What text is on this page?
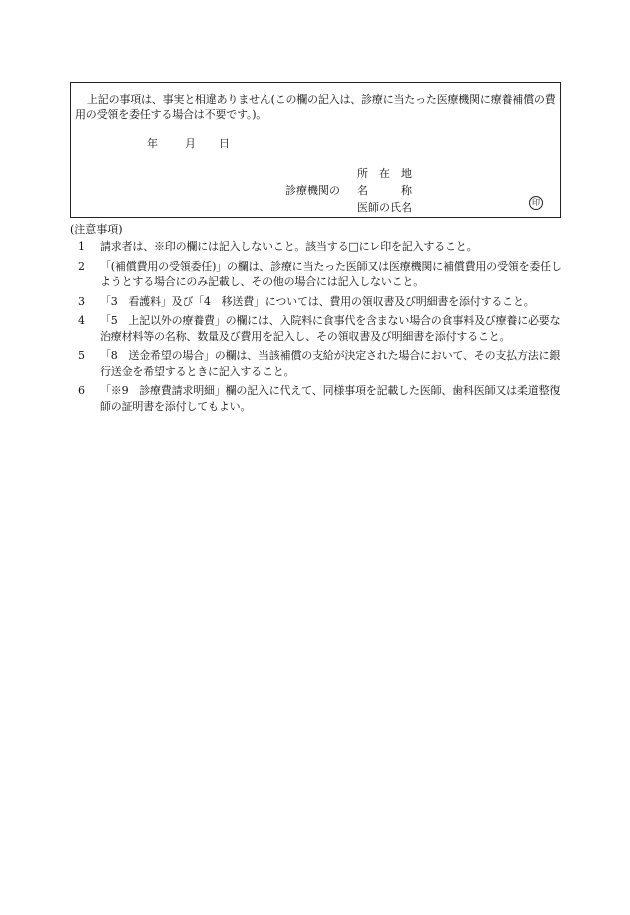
上記の事項は、事実と相違ありません(この欄の記入は、診療に当たった医療機関に療養補償の費用の受領を委任する場合は不要です。)。

年 月 日
診療機関の
所　在　地
名　　　称
医師の氏名	印
(注意事項)
1	請求者は、※印の欄には記入しないこと。該当する□にレ印を記入すること。
2	「(補償費用の受領委任)」の欄は、診療に当たった医師又は医療機関に補償費用の受領を委任しようとする場合にのみ記載し、その他の場合には記入しないこと。
3	「3　看護料」及び「4　移送費」については、費用の領収書及び明細書を添付すること。
4	「5　上記以外の療養費」の欄には、入院料に食事代を含まない場合の食事料及び療養に必要な治療材料等の名称、数量及び費用を記入し、その領収書及び明細書を添付すること。
5	「8　送金希望の場合」の欄は、当該補償の支給が決定された場合において、その支払方法に銀行送金を希望するときに記入すること。
6	「※9　診療費請求明細」欄の記入に代えて、同様事項を記載した医師、歯科医師又は柔道整復師の証明書を添付してもよい。
